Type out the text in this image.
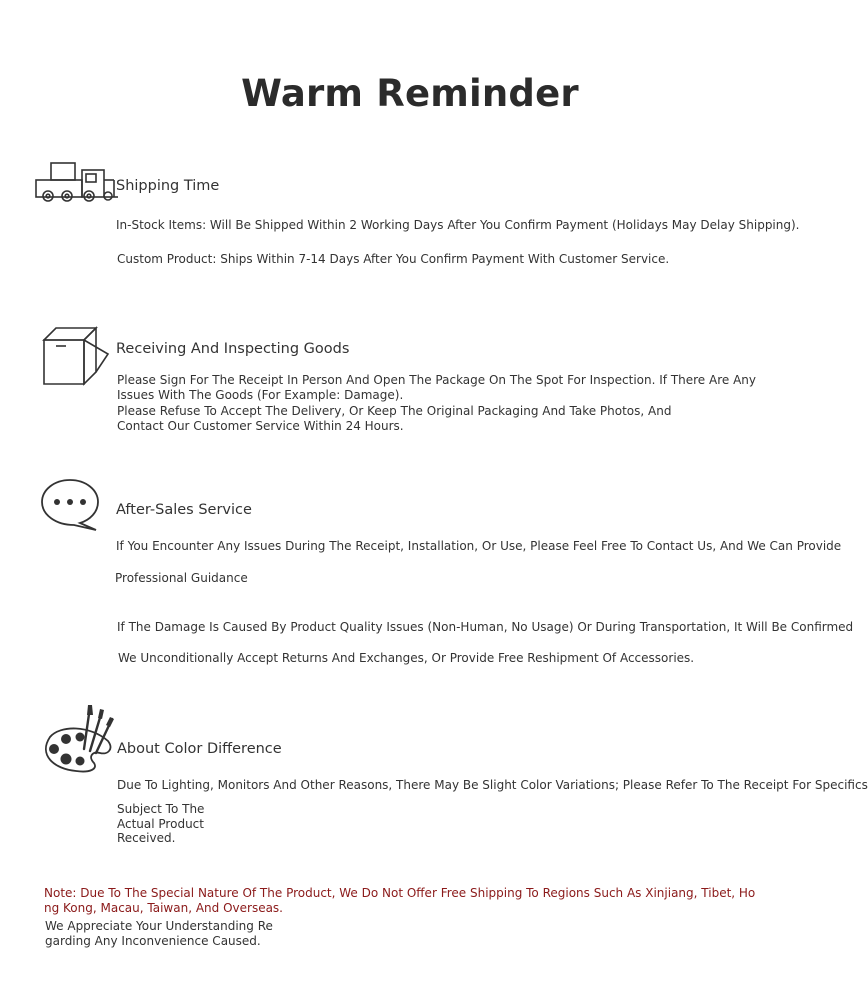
Warm Reminder
Shipping Time
In-Stock Items: Will Be Shipped Within 2 Working Days After You Confirm Payment (Holidays May Delay Shipping).
Custom Product: Ships Within 7-14 Days After You Confirm Payment With Customer Service.
Receiving And Inspecting Goods
Please Sign For The Receipt In Person And Open The Package On The Spot For Inspection. If There Are Any Issues With The Goods (For Example: Damage).
Please Refuse To Accept The Delivery, Or Keep The Original Packaging And Take Photos, And Contact Our Customer Service Within 24 Hours.
After-Sales Service
If You Encounter Any Issues During The Receipt, Installation, Or Use, Please Feel Free To Contact Us, And We Can Provide
Professional Guidance
If The Damage Is Caused By Product Quality Issues (Non-Human, No Usage) Or During Transportation, It Will Be Confirmed
We Unconditionally Accept Returns And Exchanges, Or Provide Free Reshipment Of Accessories.
About Color Difference
Due To Lighting, Monitors And Other Reasons, There May Be Slight Color Variations; Please Refer To The Receipt For Specifics
Subject To The Actual Product Received.
Note: Due To The Special Nature Of The Product, We Do Not Offer Free Shipping To Regions Such As Xinjiang, Tibet, Hong Kong, Macau, Taiwan, And Overseas.
We Appreciate Your Understanding Regarding Any Inconvenience Caused.
